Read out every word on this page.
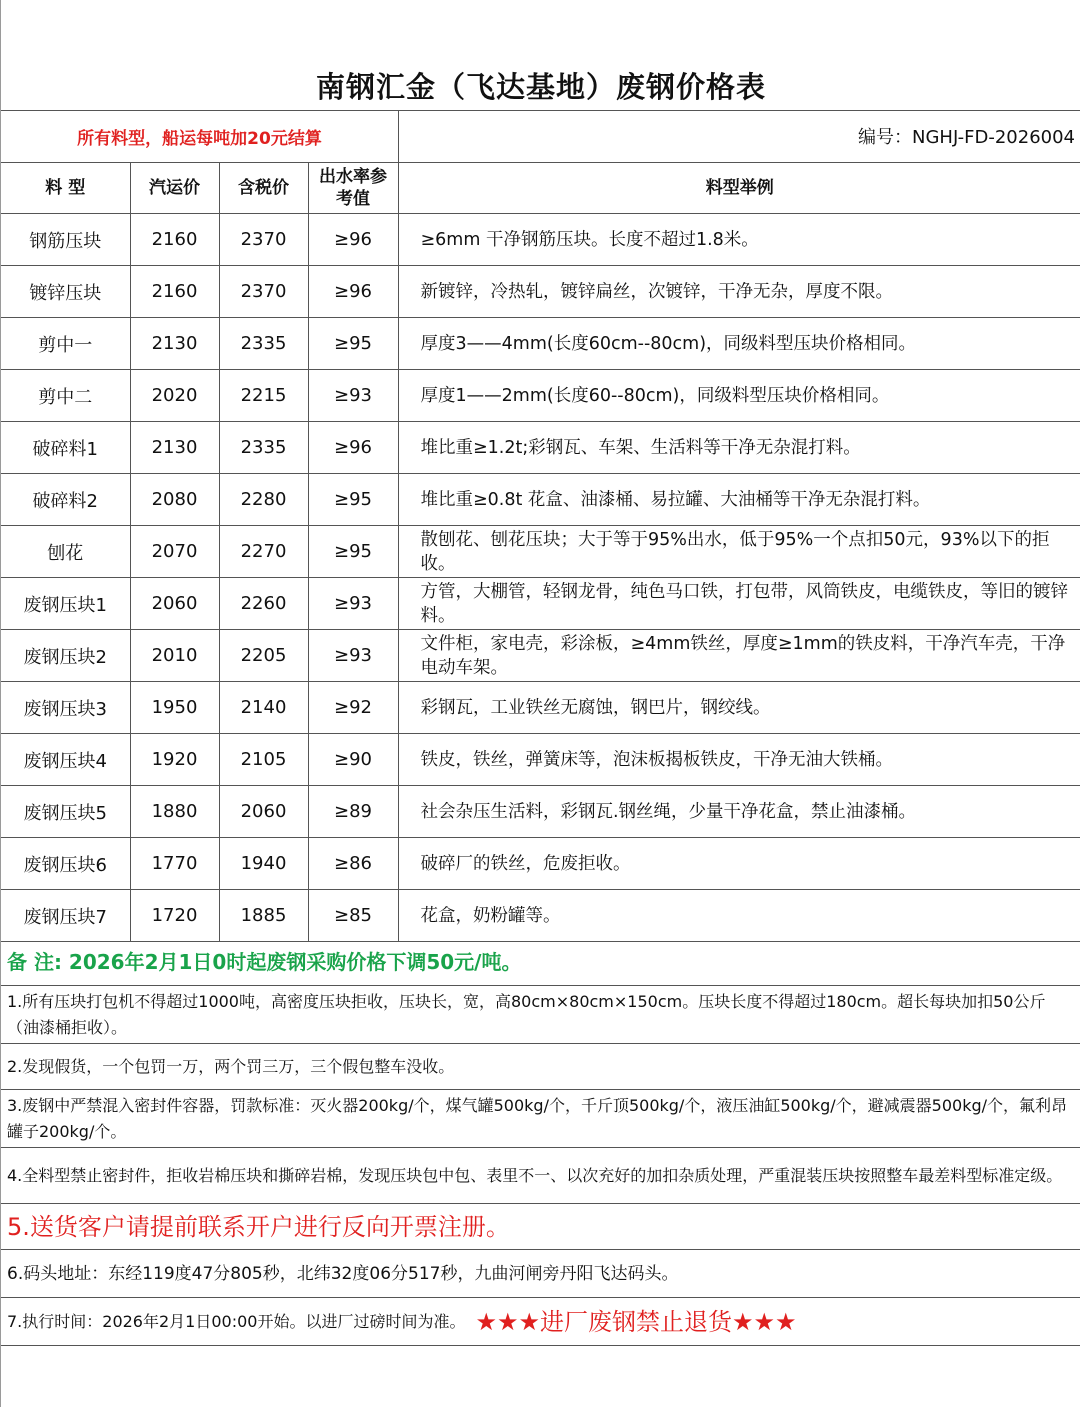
南钢汇金（飞达基地）废钢价格表
所有料型，船运每吨加20元结算	编号：NGHJ-FD-2026004
料 型	汽运价	含税价	出水率参考值	料型举例
钢筋压块	2160	2370	≥96	≥6mm 干净钢筋压块。长度不超过1.8米。
镀锌压块	2160	2370	≥96	新镀锌，冷热轧，镀锌扁丝，次镀锌，干净无杂，厚度不限。
剪中一	2130	2335	≥95	厚度3——4mm(长度60cm--80cm)，同级料型压块价格相同。
剪中二	2020	2215	≥93	厚度1——2mm(长度60--80cm)，同级料型压块价格相同。
破碎料1	2130	2335	≥96	堆比重≥1.2t;彩钢瓦、车架、生活料等干净无杂混打料。
破碎料2	2080	2280	≥95	堆比重≥0.8t 花盒、油漆桶、易拉罐、大油桶等干净无杂混打料。
刨花	2070	2270	≥95	散刨花、刨花压块；大于等于95%出水，低于95%一个点扣50元，93%以下的拒收。
废钢压块1	2060	2260	≥93	方管，大棚管，轻钢龙骨，纯色马口铁，打包带，风筒铁皮，电缆铁皮，等旧的镀锌料。
废钢压块2	2010	2205	≥93	文件柜，家电壳，彩涂板，≥4mm铁丝，厚度≥1mm的铁皮料，干净汽车壳，干净电动车架。
废钢压块3	1950	2140	≥92	彩钢瓦，工业铁丝无腐蚀，钢巴片，钢绞线。
废钢压块4	1920	2105	≥90	铁皮，铁丝，弹簧床等，泡沫板揭板铁皮，干净无油大铁桶。
废钢压块5	1880	2060	≥89	社会杂压生活料，彩钢瓦.钢丝绳，少量干净花盒，禁止油漆桶。
废钢压块6	1770	1940	≥86	破碎厂的铁丝，危废拒收。
废钢压块7	1720	1885	≥85	花盒，奶粉罐等。
备 注: 2026年2月1日0时起废钢采购价格下调50元/吨。
1.所有压块打包机不得超过1000吨，高密度压块拒收，压块长，宽，高80cm×80cm×150cm。压块长度不得超过180cm。超长每块加扣50公斤（油漆桶拒收）。
2.发现假货，一个包罚一万，两个罚三万，三个假包整车没收。
3.废钢中严禁混入密封件容器，罚款标准：灭火器200kg/个，煤气罐500kg/个，千斤顶500kg/个，液压油缸500kg/个，避减震器500kg/个，氟利昂罐子200kg/个。
4.全料型禁止密封件，拒收岩棉压块和撕碎岩棉，发现压块包中包、表里不一、以次充好的加扣杂质处理，严重混装压块按照整车最差料型标准定级。
5.送货客户请提前联系开户进行反向开票注册。
6.码头地址：东经119度47分805秒，北纬32度06分517秒，九曲河闸旁丹阳飞达码头。
7.执行时间：2026年2月1日00:00开始。以进厂过磅时间为准。 ★★★进厂废钢禁止退货★★★
